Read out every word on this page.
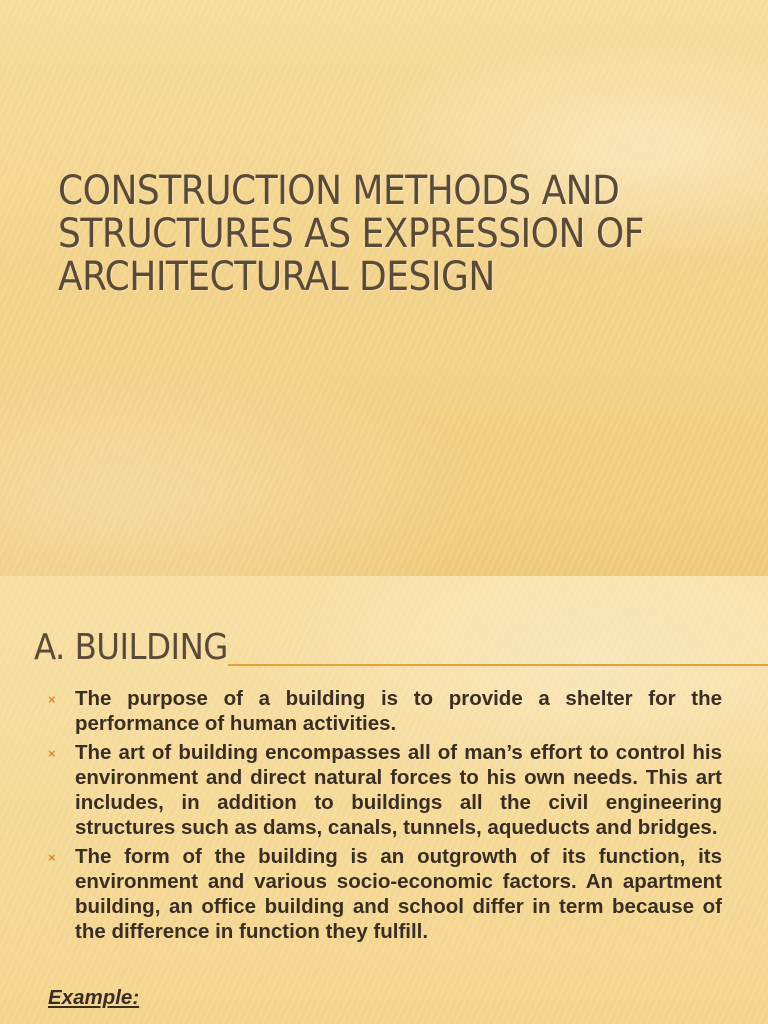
CONSTRUCTION METHODS AND
STRUCTURES AS EXPRESSION OF
ARCHITECTURAL DESIGN
A. BUILDING
× The purpose of a building is to provide a shelter for the performance of human activities.
× The art of building encompasses all of man’s effort to control his environment and direct natural forces to his own needs. This art includes, in addition to buildings all the civil engineering structures such as dams, canals, tunnels, aqueducts and bridges.
× The form of the building is an outgrowth of its function, its environment and various socio-economic factors. An apartment building, an office building and school differ in term because of the difference in function they fulfill.

Example:
